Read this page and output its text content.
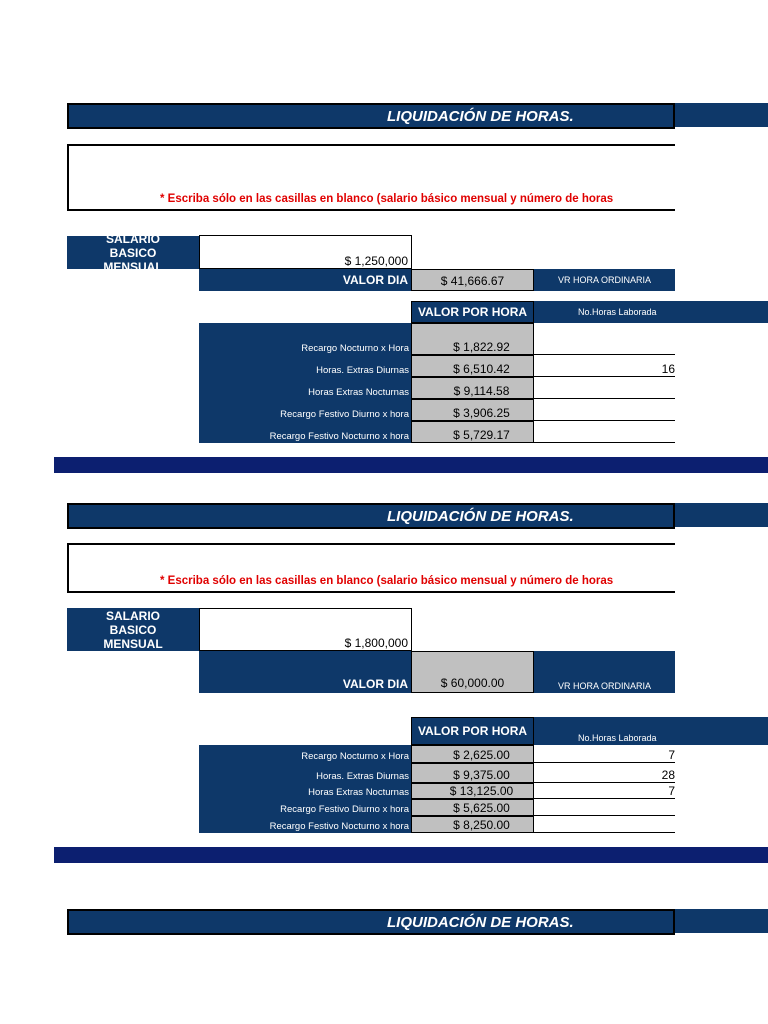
LIQUIDACIÓN DE HORAS.
* Escriba sólo en las casillas en blanco (salario básico mensual y número de horas
SALARIO BASICO MENSUAL	$ 1,250,000
VALOR DIA	$ 41,666.67	VR HORA ORDINARIA
VALOR POR HORA	No.Horas Laborada
Recargo Nocturno x Hora	$ 1,822.92
Horas. Extras Diurnas	$ 6,510.42	16
Horas Extras Nocturnas	$ 9,114.58
Recargo Festivo Diurno x hora	$ 3,906.25
Recargo Festivo Nocturno x hora	$ 5,729.17
LIQUIDACIÓN DE HORAS.
* Escriba sólo en las casillas en blanco (salario básico mensual y número de horas
SALARIO BASICO MENSUAL	$ 1,800,000
VALOR DIA	$ 60,000.00	VR HORA ORDINARIA
VALOR POR HORA	No.Horas Laborada
Recargo Nocturno x Hora	$ 2,625.00	7
Horas. Extras Diurnas	$ 9,375.00	28
Horas Extras Nocturnas	$ 13,125.00	7
Recargo Festivo Diurno x hora	$ 5,625.00
Recargo Festivo Nocturno x hora	$ 8,250.00
LIQUIDACIÓN DE HORAS.
